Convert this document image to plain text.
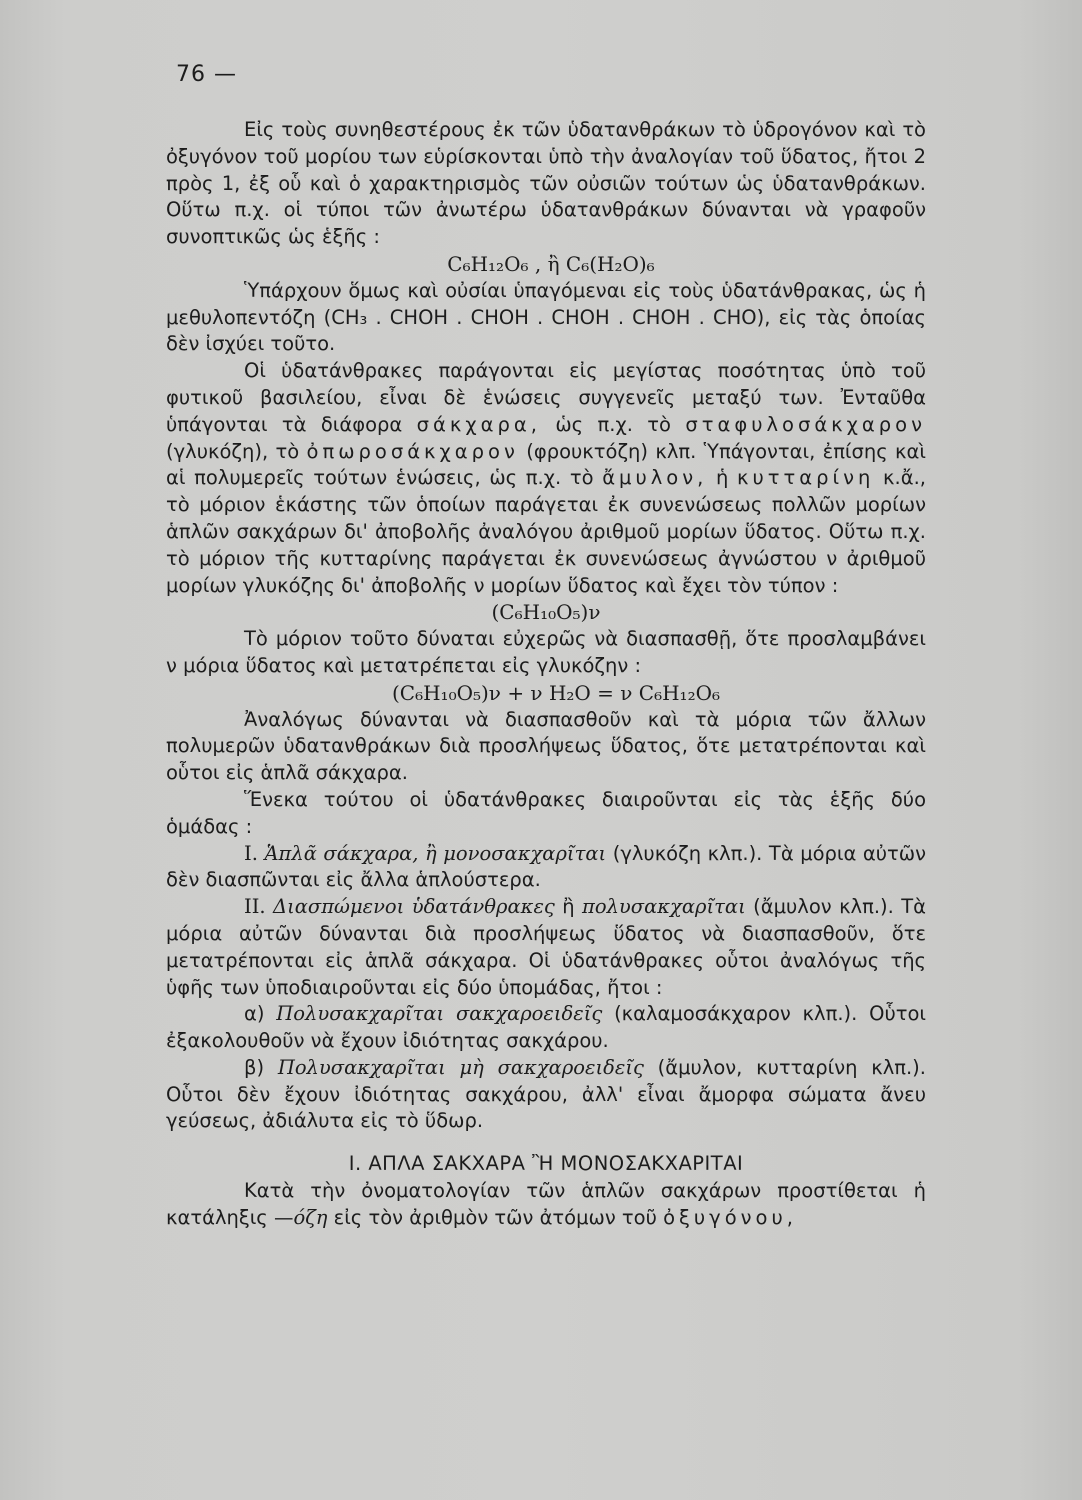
76 —

Εἰς τοὺς συνηθεστέρους ἐκ τῶν ὑδατανθράκων τὸ ὑδρογόνον καὶ τὸ ὀξυγόνον τοῦ μορίου των εὑρίσκονται ὑπὸ τὴν ἀναλογίαν τοῦ ὕδατος, ἤτοι 2 πρὸς 1, ἐξ οὗ καὶ ὁ χαρακτηρισμὸς τῶν οὐσιῶν τούτων ὡς ὑδατανθράκων. Οὕτω π.χ. οἱ τύποι τῶν ἀνωτέρω ὑδατανθράκων δύνανται νὰ γραφοῦν συνοπτικῶς ὡς ἑξῆς :

C₆H₁₂O₆ , ἢ C₆(H₂O)₆

Ὑπάρχουν ὅμως καὶ οὐσίαι ὑπαγόμεναι εἰς τοὺς ὑδατάνθρακας, ὡς ἡ μεθυλοπεντόζη (CH₃ . CHOH . CHOH . CHOH . CHOH . CHO), εἰς τὰς ὁποίας δὲν ἰσχύει τοῦτο.

Οἱ ὑδατάνθρακες παράγονται εἰς μεγίστας ποσότητας ὑπὸ τοῦ φυτικοῦ βασιλείου, εἶναι δὲ ἑνώσεις συγγενεῖς μεταξύ των. Ἐνταῦθα ὑπάγονται τὰ διάφορα σάκχαρα, ὡς π.χ. τὸ σταφυλοσάκχαρον (γλυκόζη), τὸ ὀπωροσάκχαρον (φρουκτόζη) κλπ. Ὑπάγονται, ἐπίσης καὶ αἱ πολυμερεῖς τούτων ἑνώσεις, ὡς π.χ. τὸ ἄμυλον, ἡ κυτταρίνη κ.ἄ., τὸ μόριον ἑκάστης τῶν ὁποίων παράγεται ἐκ συνενώσεως πολλῶν μορίων ἁπλῶν σακχάρων δι' ἀποβολῆς ἀναλόγου ἀριθμοῦ μορίων ὕδατος. Οὕτω π.χ. τὸ μόριον τῆς κυτταρίνης παράγεται ἐκ συνενώσεως ἀγνώστου ν ἀριθμοῦ μορίων γλυκόζης δι' ἀποβολῆς ν μορίων ὕδατος καὶ ἔχει τὸν τύπον :

(C₆H₁₀O₅)ν

Τὸ μόριον τοῦτο δύναται εὐχερῶς νὰ διασπασθῇ, ὅτε προσλαμβάνει ν μόρια ὕδατος καὶ μετατρέπεται εἰς γλυκόζην :

(C₆H₁₀O₅)ν + ν H₂O = ν C₆H₁₂O₆

Ἀναλόγως δύνανται νὰ διασπασθοῦν καὶ τὰ μόρια τῶν ἄλλων πολυμερῶν ὑδατανθράκων διὰ προσλήψεως ὕδατος, ὅτε μετατρέπονται καὶ οὗτοι εἰς ἁπλᾶ σάκχαρα.

Ἕνεκα τούτου οἱ ὑδατάνθρακες διαιροῦνται εἰς τὰς ἑξῆς δύο ὁμάδας :

I. Ἁπλᾶ σάκχαρα, ἢ μονοσακχαρῖται (γλυκόζη κλπ.). Τὰ μόρια αὐτῶν δὲν διασπῶνται εἰς ἄλλα ἁπλούστερα.

II. Διασπώμενοι ὑδατάνθρακες ἢ πολυσακχαρῖται (ἄμυλον κλπ.). Τὰ μόρια αὐτῶν δύνανται διὰ προσλήψεως ὕδατος νὰ διασπασθοῦν, ὅτε μετατρέπονται εἰς ἁπλᾶ σάκχαρα. Οἱ ὑδατάνθρακες οὗτοι ἀναλόγως τῆς ὑφῆς των ὑποδιαιροῦνται εἰς δύο ὑπομάδας, ἤτοι :

α) Πολυσακχαρῖται σακχαροειδεῖς (καλαμοσάκχαρον κλπ.). Οὗτοι ἐξακολουθοῦν νὰ ἔχουν ἰδιότητας σακχάρου.

β) Πολυσακχαρῖται μὴ σακχαροειδεῖς (ἄμυλον, κυτταρίνη κλπ.). Οὗτοι δὲν ἔχουν ἰδιότητας σακχάρου, ἀλλ' εἶναι ἄμορφα σώματα ἄνευ γεύσεως, ἀδιάλυτα εἰς τὸ ὕδωρ.

I. ΑΠΛΑ ΣΑΚΧΑΡΑ Ἢ ΜΟΝΟΣΑΚΧΑΡΙΤΑΙ

Κατὰ τὴν ὀνοματολογίαν τῶν ἁπλῶν σακχάρων προστίθεται ἡ κατάληξις —όζη εἰς τὸν ἀριθμὸν τῶν ἀτόμων τοῦ ὀξυγόνου,
